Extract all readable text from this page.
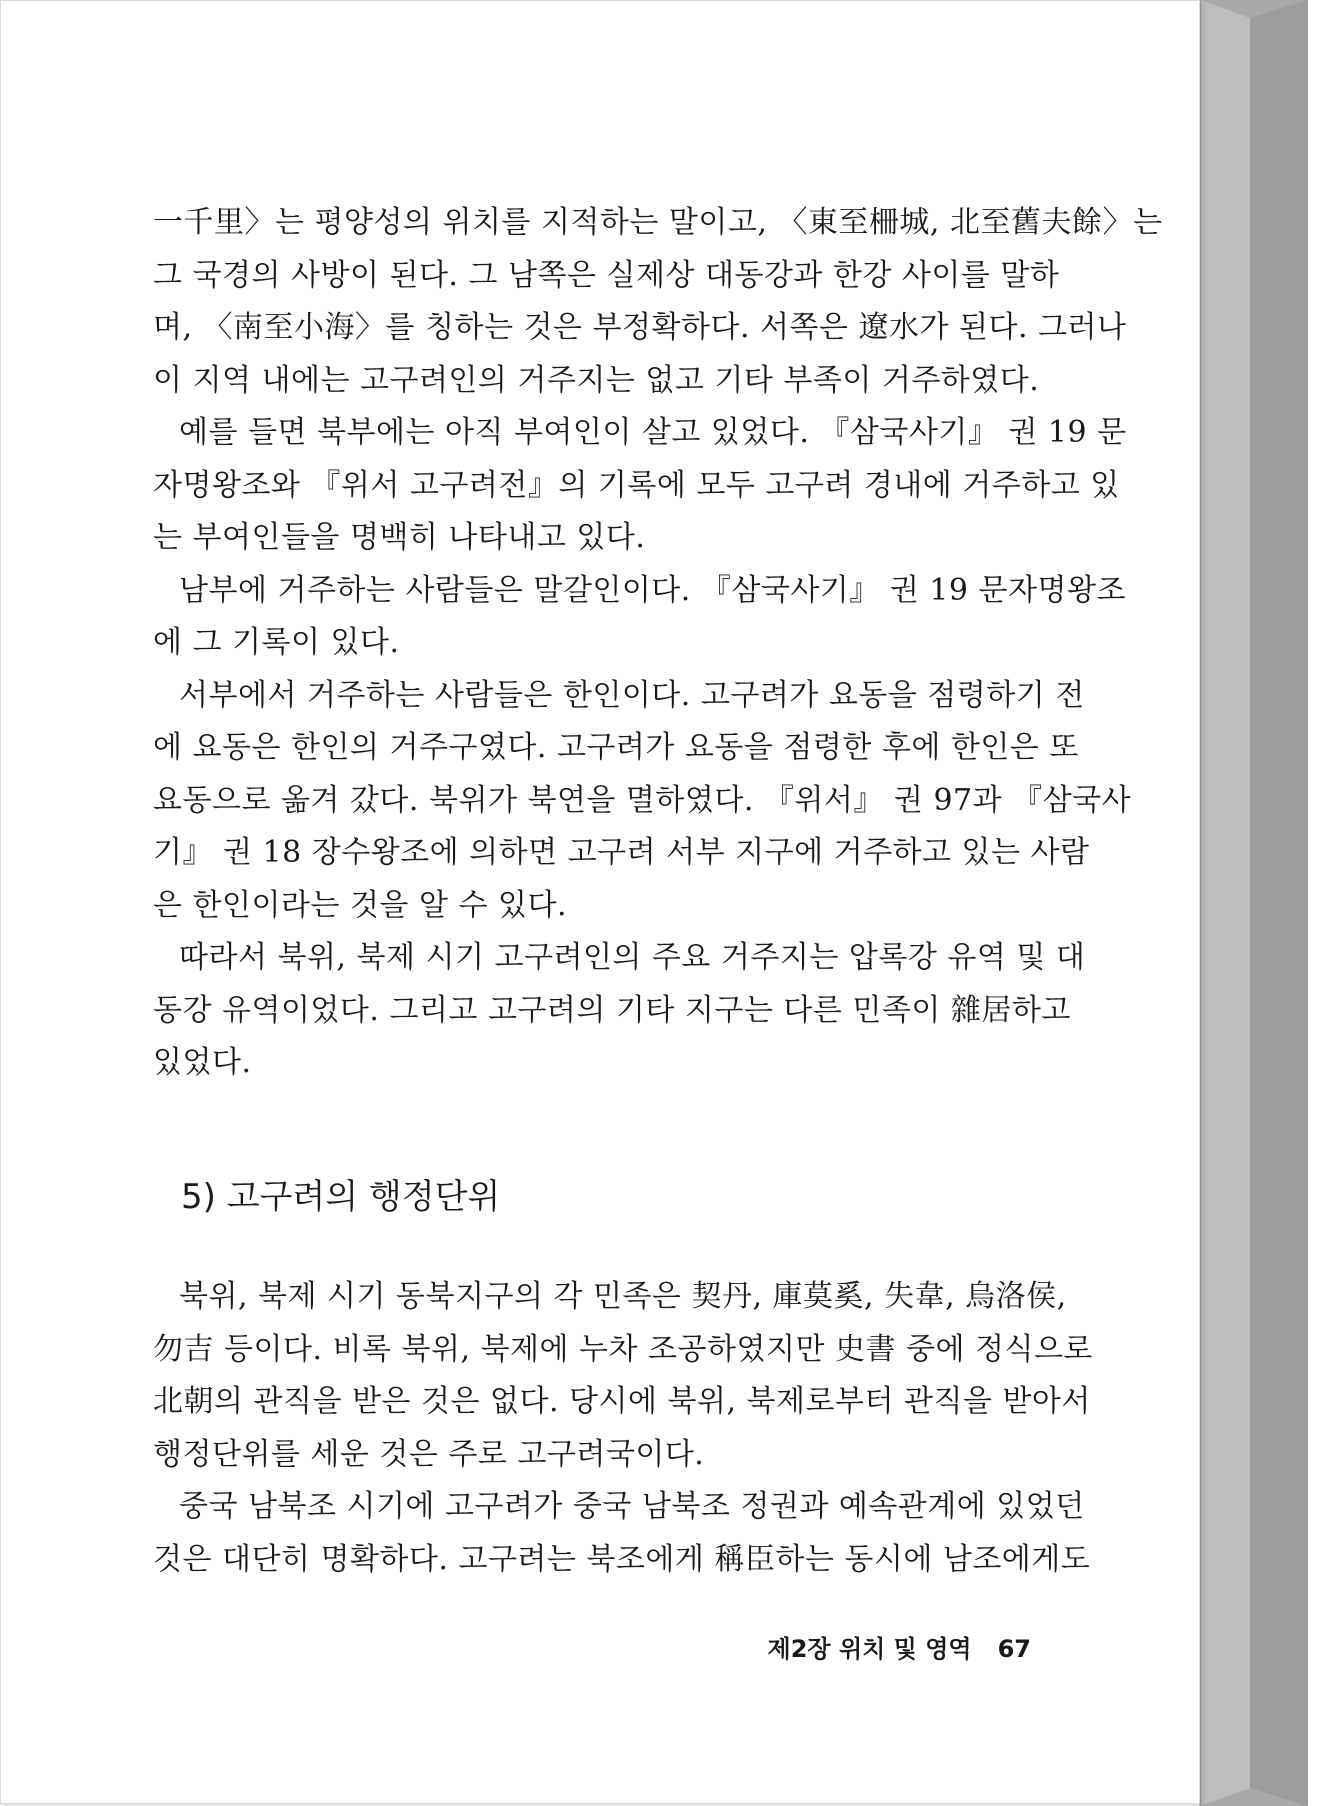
一千里〉는 평양성의 위치를 지적하는 말이고, 〈東至柵城, 北至舊夫餘〉는
그 국경의 사방이 된다. 그 남쪽은 실제상 대동강과 한강 사이를 말하
며, 〈南至小海〉를 칭하는 것은 부정확하다. 서쪽은 遼水가 된다. 그러나
이 지역 내에는 고구려인의 거주지는 없고 기타 부족이 거주하였다.
예를 들면 북부에는 아직 부여인이 살고 있었다. 『삼국사기』 권 19 문
자명왕조와 『위서 고구려전』의 기록에 모두 고구려 경내에 거주하고 있
는 부여인들을 명백히 나타내고 있다.
남부에 거주하는 사람들은 말갈인이다. 『삼국사기』 권 19 문자명왕조
에 그 기록이 있다.
서부에서 거주하는 사람들은 한인이다. 고구려가 요동을 점령하기 전
에 요동은 한인의 거주구였다. 고구려가 요동을 점령한 후에 한인은 또
요동으로 옮겨 갔다. 북위가 북연을 멸하였다. 『위서』 권 97과 『삼국사
기』 권 18 장수왕조에 의하면 고구려 서부 지구에 거주하고 있는 사람
은 한인이라는 것을 알 수 있다.
따라서 북위, 북제 시기 고구려인의 주요 거주지는 압록강 유역 및 대
동강 유역이었다. 그리고 고구려의 기타 지구는 다른 민족이 雜居하고
있었다.
5) 고구려의 행정단위
북위, 북제 시기 동북지구의 각 민족은 契丹, 庫莫奚, 失韋, 烏洛侯,
勿吉 등이다. 비록 북위, 북제에 누차 조공하였지만 史書 중에 정식으로
北朝의 관직을 받은 것은 없다. 당시에 북위, 북제로부터 관직을 받아서
행정단위를 세운 것은 주로 고구려국이다.
중국 남북조 시기에 고구려가 중국 남북조 정권과 예속관계에 있었던
것은 대단히 명확하다. 고구려는 북조에게 稱臣하는 동시에 남조에게도
제2장 위치 및 영역 67
